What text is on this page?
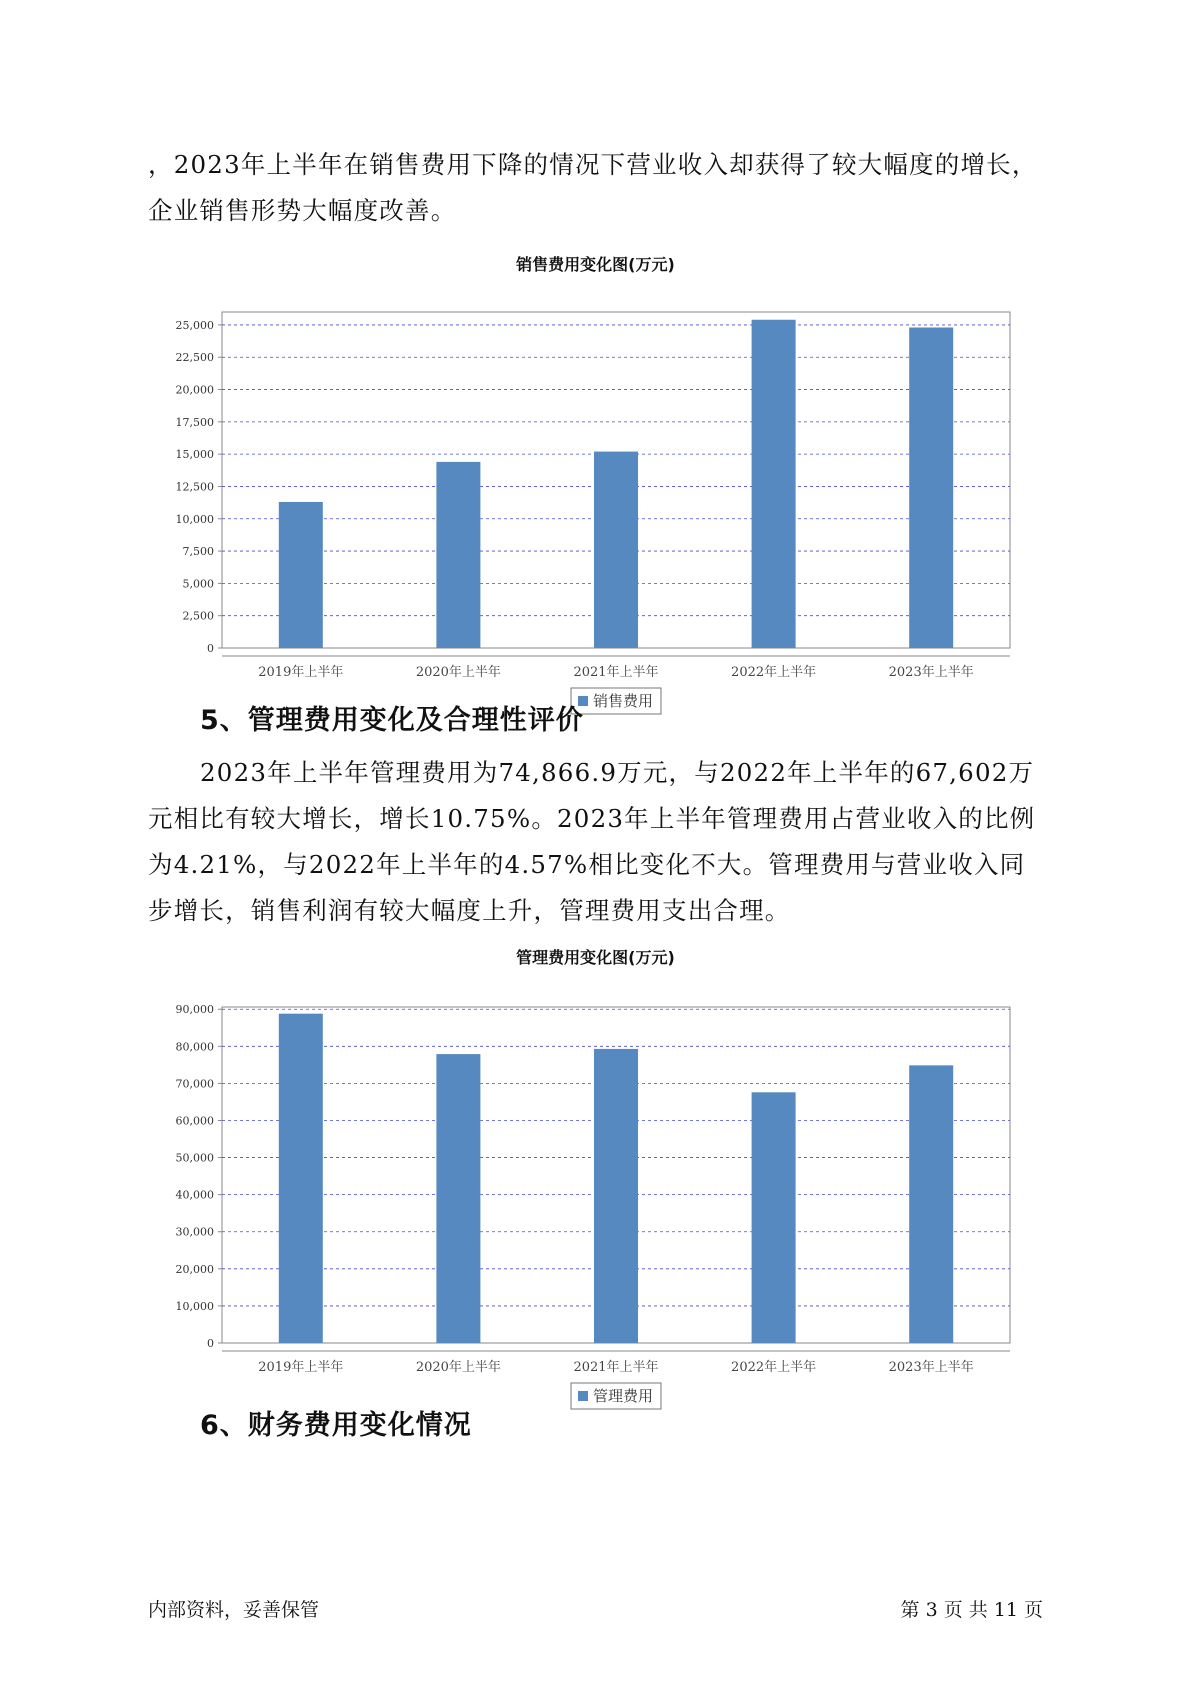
，2023年上半年在销售费用下降的情况下营业收入却获得了较大幅度的增长，企业销售形势大幅度改善。

销售费用变化图(万元)
0
2,500
5,000
7,500
10,000
12,500
15,000
17,500
20,000
22,500
25,000
2019年上半年	2020年上半年	2021年上半年	2022年上半年	2023年上半年
销售费用
5、管理费用变化及合理性评价

2023年上半年管理费用为74,866.9万元，与2022年上半年的67,602万元相比有较大增长，增长10.75%。2023年上半年管理费用占营业收入的比例为4.21%，与2022年上半年的4.57%相比变化不大。管理费用与营业收入同步增长，销售利润有较大幅度上升，管理费用支出合理。

管理费用变化图(万元)
0
10,000
20,000
30,000
40,000
50,000
60,000
70,000
80,000
90,000
2019年上半年	2020年上半年	2021年上半年	2022年上半年	2023年上半年
管理费用
6、财务费用变化情况
内部资料，妥善保管	第 3 页 共 11 页
